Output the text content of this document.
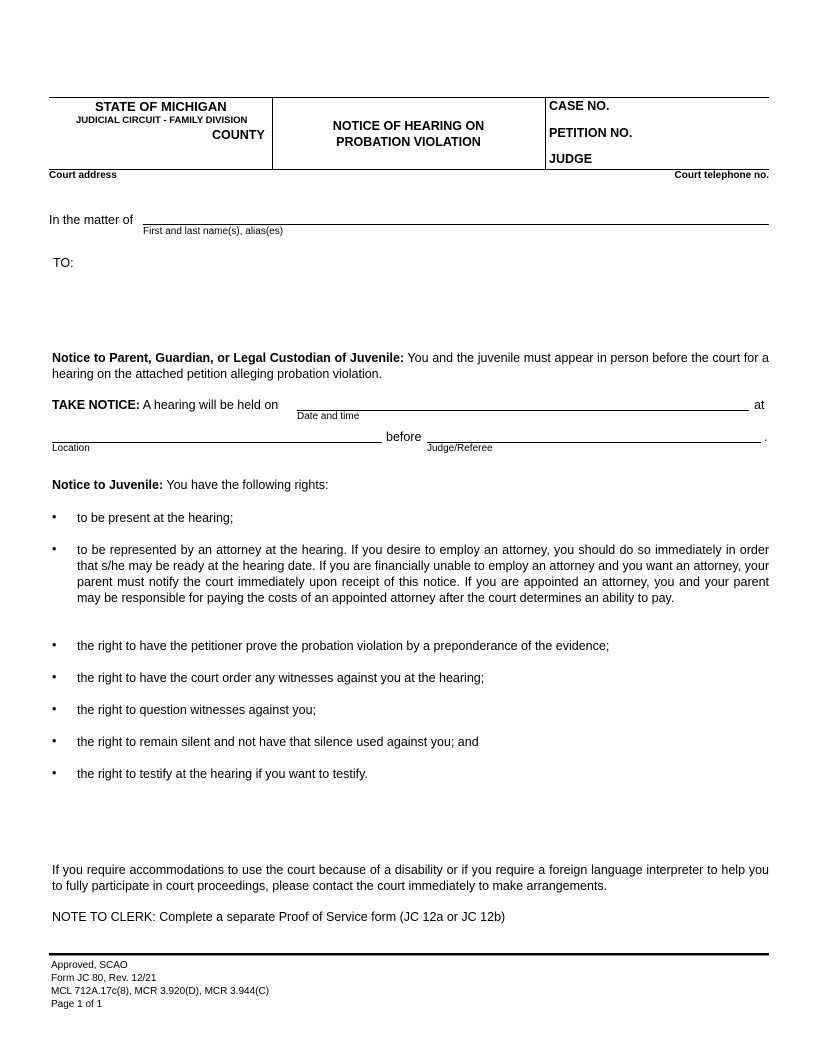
STATE OF MICHIGAN
JUDICIAL CIRCUIT - FAMILY DIVISION
COUNTY
NOTICE OF HEARING ON
PROBATION VIOLATION
CASE NO.
PETITION NO.
JUDGE
Court address	Court telephone no.
In the matter of
First and last name(s), alias(es)
TO:
Notice to Parent, Guardian, or Legal Custodian of Juvenile: You and the juvenile must appear in person before the court for a hearing on the attached petition alleging probation violation.
TAKE NOTICE: A hearing will be held on	at
Date and time
Location
before
Judge/Referee
.
Notice to Juvenile: You have the following rights:
• to be present at the hearing;
• to be represented by an attorney at the hearing. If you desire to employ an attorney, you should do so immediately in order that s/he may be ready at the hearing date. If you are financially unable to employ an attorney and you want an attorney, your parent must notify the court immediately upon receipt of this notice. If you are appointed an attorney, you and your parent may be responsible for paying the costs of an appointed attorney after the court determines an ability to pay.
• the right to have the petitioner prove the probation violation by a preponderance of the evidence;
• the right to have the court order any witnesses against you at the hearing;
• the right to question witnesses against you;
• the right to remain silent and not have that silence used against you; and
• the right to testify at the hearing if you want to testify.
If you require accommodations to use the court because of a disability or if you require a foreign language interpreter to help you to fully participate in court proceedings, please contact the court immediately to make arrangements.
NOTE TO CLERK: Complete a separate Proof of Service form (JC 12a or JC 12b)
Approved, SCAO
Form JC 80, Rev. 12/21
MCL 712A.17c(8), MCR 3.920(D), MCR 3.944(C)
Page 1 of 1
